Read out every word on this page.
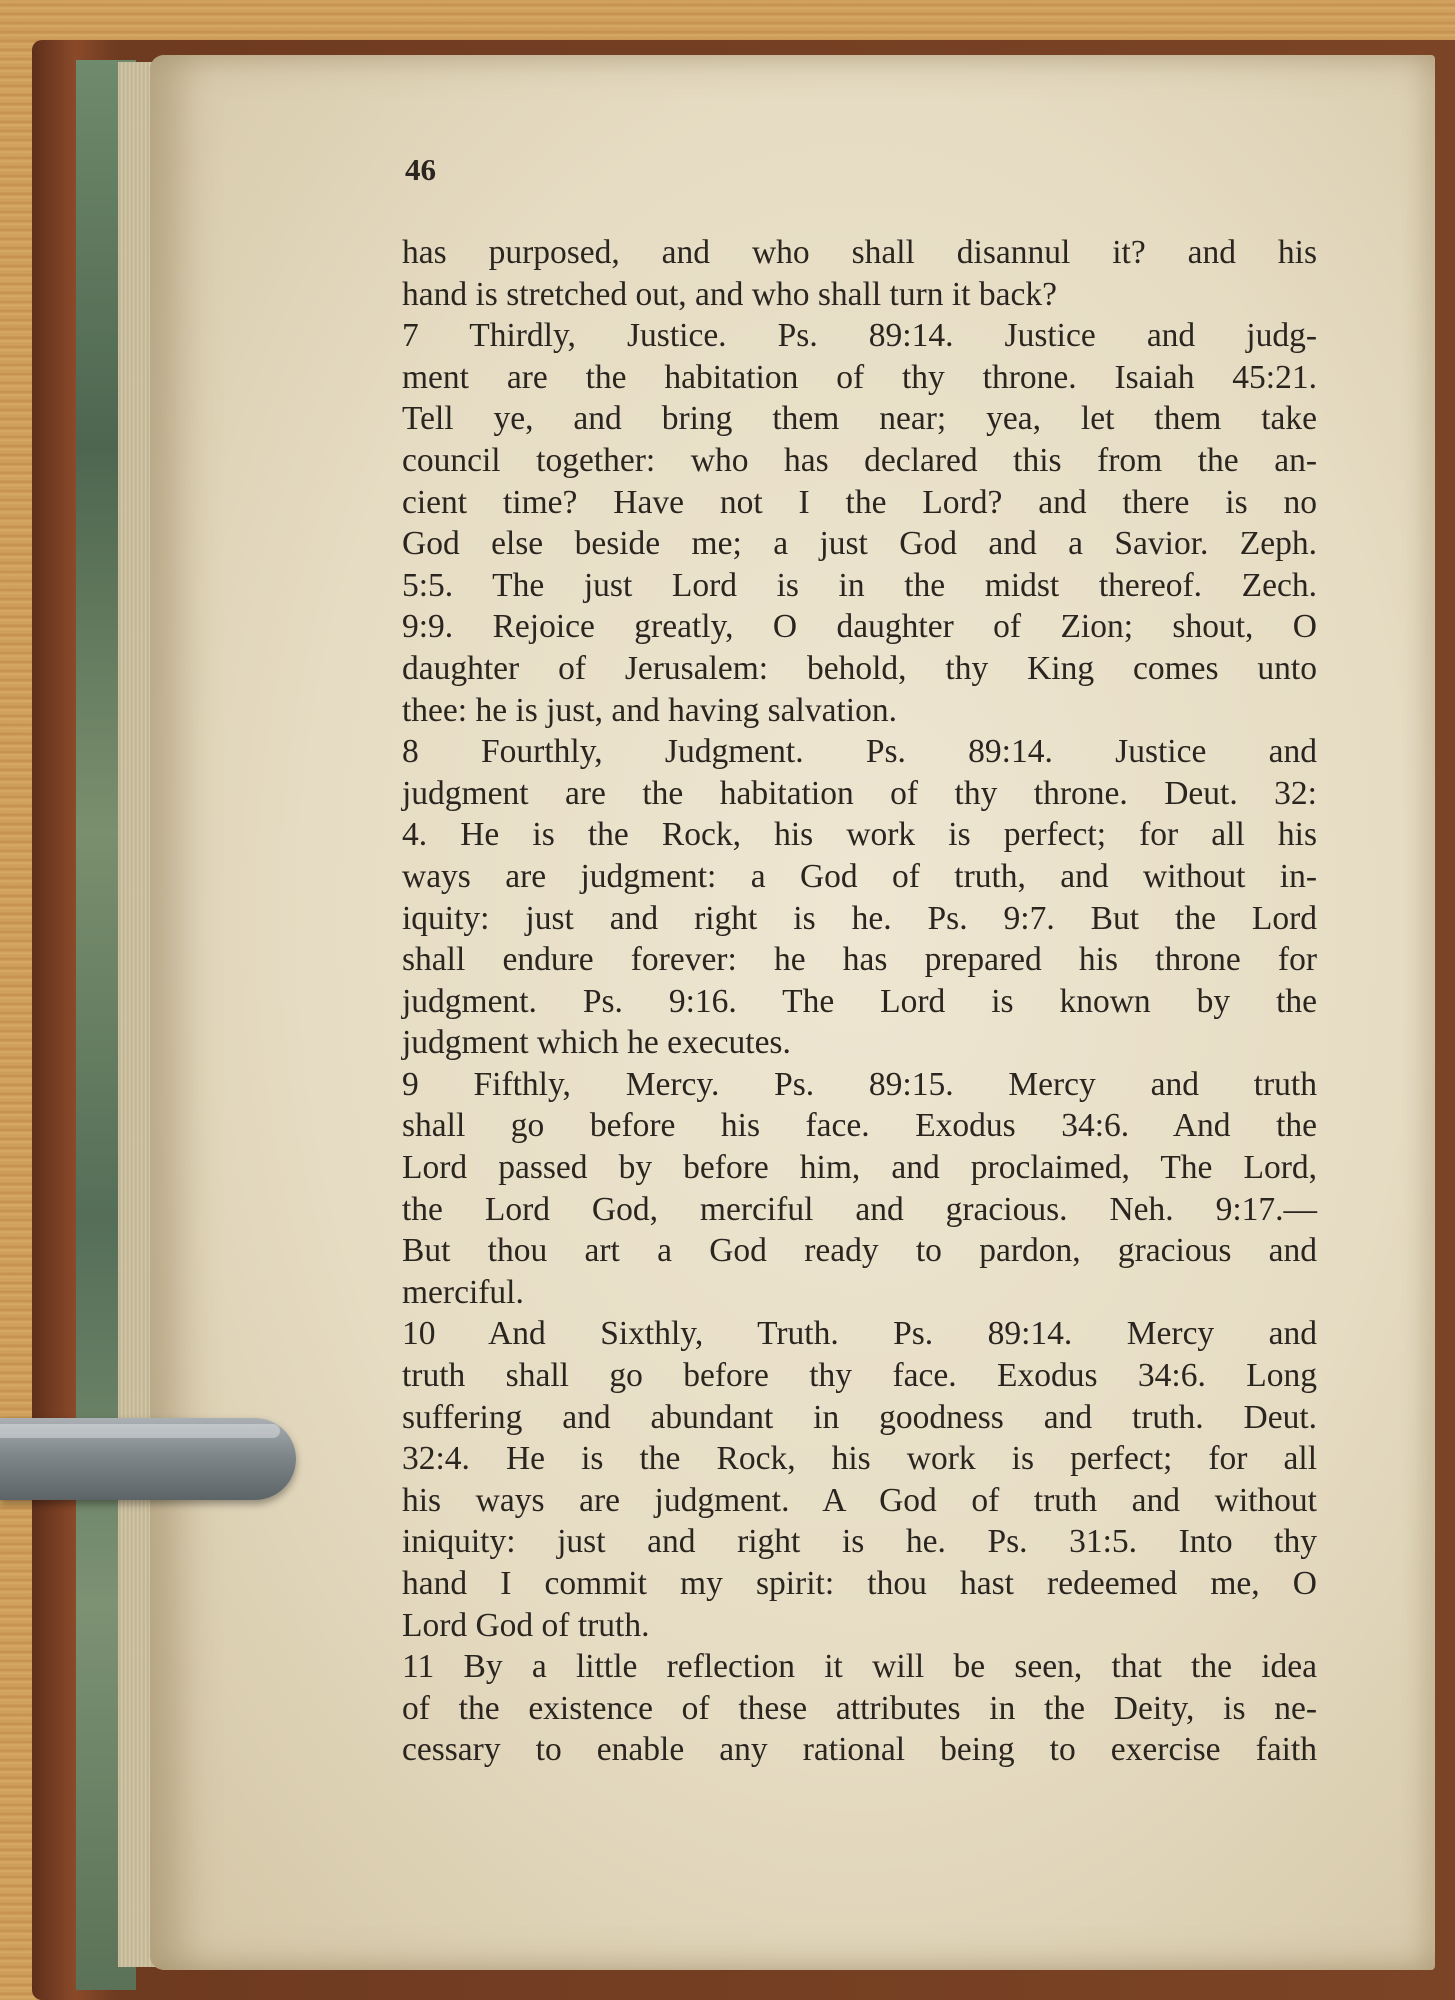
46
has purposed, and who shall disannul it? and his
hand is stretched out, and who shall turn it back?
7 Thirdly, Justice. Ps. 89:14. Justice and judg-
ment are the habitation of thy throne. Isaiah 45:21.
Tell ye, and bring them near; yea, let them take
council together: who has declared this from the an-
cient time? Have not I the Lord? and there is no
God else beside me; a just God and a Savior. Zeph.
5:5. The just Lord is in the midst thereof. Zech.
9:9. Rejoice greatly, O daughter of Zion; shout, O
daughter of Jerusalem: behold, thy King comes unto
thee: he is just, and having salvation.
8 Fourthly, Judgment. Ps. 89:14. Justice and
judgment are the habitation of thy throne. Deut. 32:
4. He is the Rock, his work is perfect; for all his
ways are judgment: a God of truth, and without in-
iquity: just and right is he. Ps. 9:7. But the Lord
shall endure forever: he has prepared his throne for
judgment. Ps. 9:16. The Lord is known by the
judgment which he executes.
9 Fifthly, Mercy. Ps. 89:15. Mercy and truth
shall go before his face. Exodus 34:6. And the
Lord passed by before him, and proclaimed, The Lord,
the Lord God, merciful and gracious. Neh. 9:17.—
But thou art a God ready to pardon, gracious and
merciful.
10 And Sixthly, Truth. Ps. 89:14. Mercy and
truth shall go before thy face. Exodus 34:6. Long
suffering and abundant in goodness and truth. Deut.
32:4. He is the Rock, his work is perfect; for all
his ways are judgment. A God of truth and without
iniquity: just and right is he. Ps. 31:5. Into thy
hand I commit my spirit: thou hast redeemed me, O
Lord God of truth.
11 By a little reflection it will be seen, that the idea
of the existence of these attributes in the Deity, is ne-
cessary to enable any rational being to exercise faith
